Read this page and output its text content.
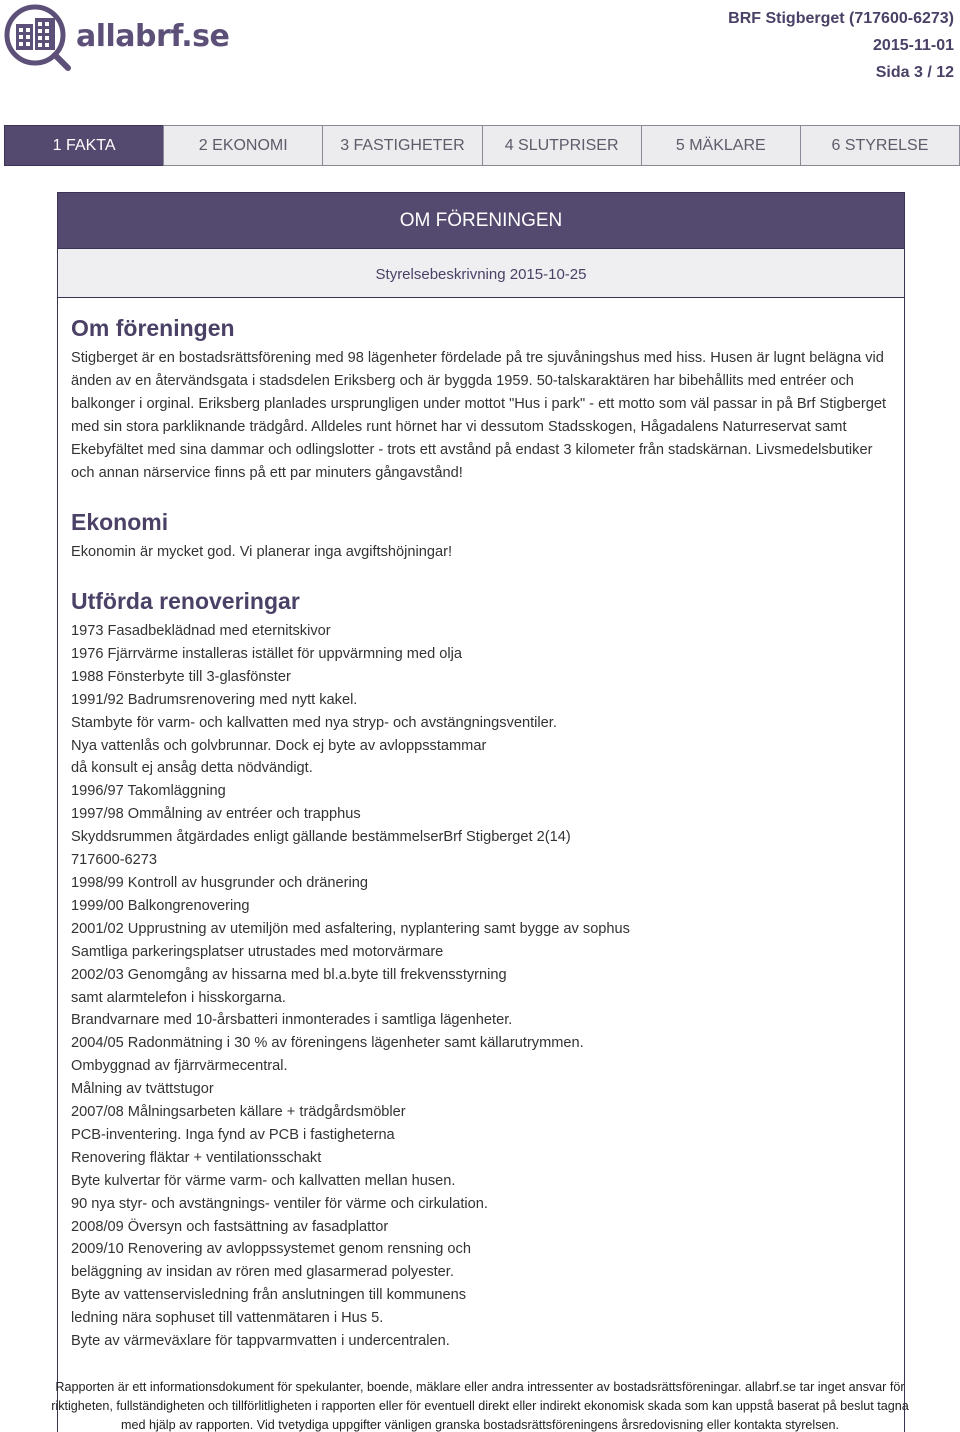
allabrf.se	BRF Stigberget (717600-6273)
2015-11-01
Sida 3 / 12
1 FAKTA	2 EKONOMI	3 FASTIGHETER	4 SLUTPRISER	5 MÄKLARE	6 STYRELSE
OM FÖRENINGEN
Styrelsebeskrivning 2015-10-25
Om föreningen

Stigberget är en bostadsrättsförening med 98 lägenheter fördelade på tre sjuvåningshus med hiss. Husen är lugnt belägna vid änden av en återvändsgata i stadsdelen Eriksberg och är byggda 1959. 50-talskaraktären har bibehållits med entréer och balkonger i orginal. Eriksberg planlades ursprungligen under mottot "Hus i park" - ett motto som väl passar in på Brf Stigberget med sin stora parkliknande trädgård. Alldeles runt hörnet har vi dessutom Stadsskogen, Hågadalens Naturreservat samt Ekebyfältet med sina dammar och odlingslotter - trots ett avstånd på endast 3 kilometer från stadskärnan. Livsmedelsbutiker och annan närservice finns på ett par minuters gångavstånd!

Ekonomi

Ekonomin är mycket god. Vi planerar inga avgiftshöjningar!

Utförda renoveringar
1973 Fasadbeklädnad med eternitskivor
1976 Fjärrvärme installeras istället för uppvärmning med olja
1988 Fönsterbyte till 3-glasfönster
1991/92 Badrumsrenovering med nytt kakel.
Stambyte för varm- och kallvatten med nya stryp- och avstängningsventiler.
Nya vattenlås och golvbrunnar. Dock ej byte av avloppsstammar
då konsult ej ansåg detta nödvändigt.
1996/97 Takomläggning
1997/98 Ommålning av entréer och trapphus
Skyddsrummen åtgärdades enligt gällande bestämmelserBrf Stigberget 2(14)
717600-6273
1998/99 Kontroll av husgrunder och dränering
1999/00 Balkongrenovering
2001/02 Upprustning av utemiljön med asfaltering, nyplantering samt bygge av sophus
Samtliga parkeringsplatser utrustades med motorvärmare
2002/03 Genomgång av hissarna med bl.a.byte till frekvensstyrning
samt alarmtelefon i hisskorgarna.
Brandvarnare med 10-årsbatteri inmonterades i samtliga lägenheter.
2004/05 Radonmätning i 30 % av föreningens lägenheter samt källarutrymmen.
Ombyggnad av fjärrvärmecentral.
Målning av tvättstugor
2007/08 Målningsarbeten källare + trädgårdsmöbler
PCB-inventering. Inga fynd av PCB i fastigheterna
Renovering fläktar + ventilationsschakt
Byte kulvertar för värme varm- och kallvatten mellan husen.
90 nya styr- och avstängnings- ventiler för värme och cirkulation.
2008/09 Översyn och fastsättning av fasadplattor
2009/10 Renovering av avloppssystemet genom rensning och
beläggning av insidan av rören med glasarmerad polyester.
Byte av vattenservisledning från anslutningen till kommunens
ledning nära sophuset till vattenmätaren i Hus 5.
Byte av värmeväxlare för tappvarmvatten i undercentralen.
Rapporten är ett informationsdokument för spekulanter, boende, mäklare eller andra intressenter av bostadsrättsföreningar. allabrf.se tar inget ansvar för
riktigheten, fullständigheten och tillförlitligheten i rapporten eller för eventuell direkt eller indirekt ekonomisk skada som kan uppstå baserat på beslut tagna
med hjälp av rapporten. Vid tvetydiga uppgifter vänligen granska bostadsrättsföreningens årsredovisning eller kontakta styrelsen.
